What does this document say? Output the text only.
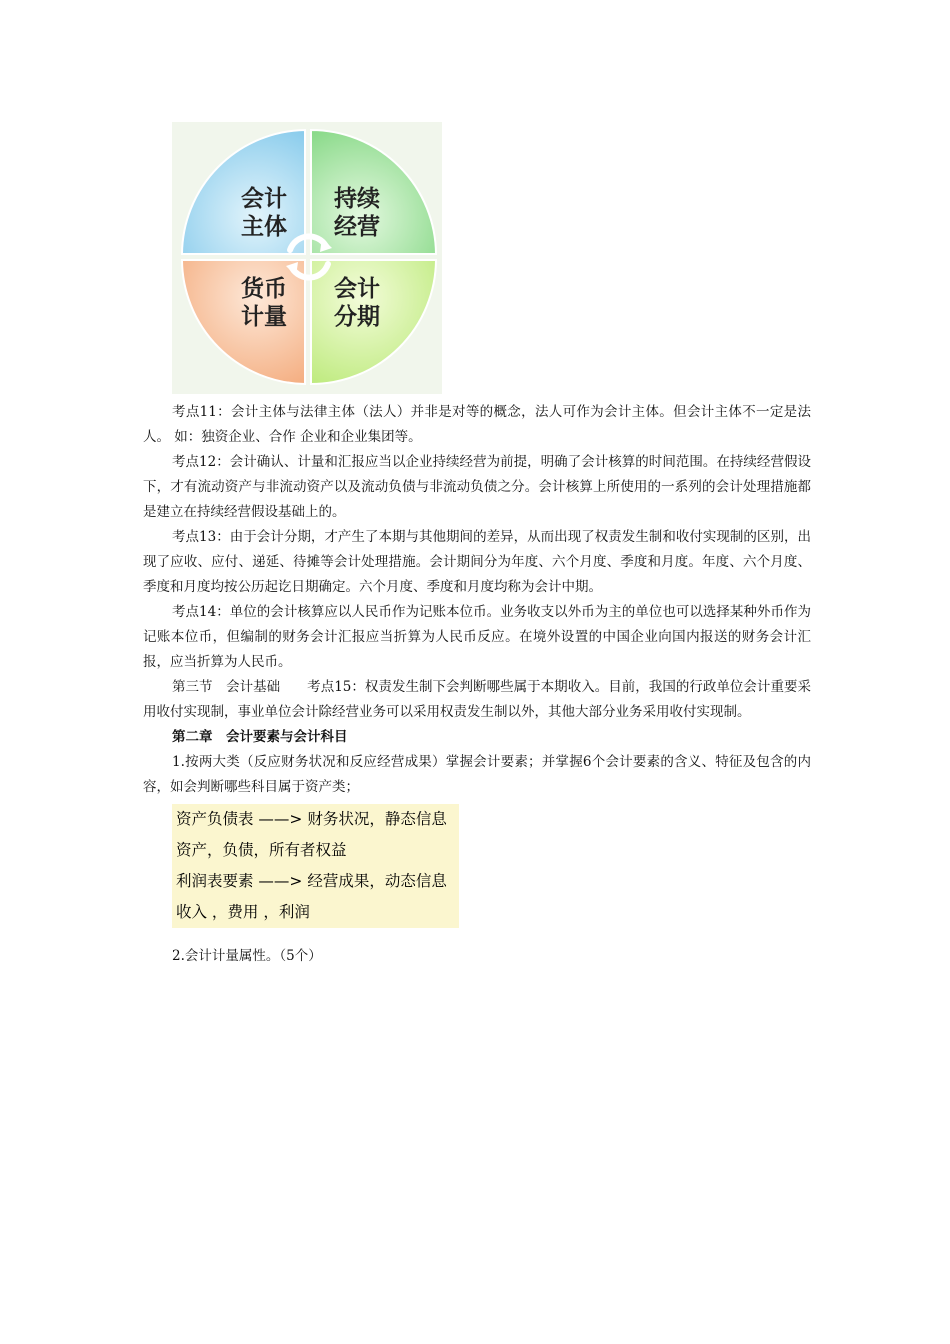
会计
主体
持续
经营
货币
计量
会计
分期

考点11：会计主体与法律主体（法人）并非是对等的概念，法人可作为会计主体。但会计主体不一定是法人。 如：独资企业、合作 企业和企业集团等。

考点12：会计确认、计量和汇报应当以企业持续经营为前提，明确了会计核算的时间范围。在持续经营假设下，才有流动资产与非流动资产以及流动负债与非流动负债之分。会计核算上所使用的一系列的会计处理措施都是建立在持续经营假设基础上的。

考点13：由于会计分期，才产生了本期与其他期间的差异，从而出现了权责发生制和收付实现制的区别，出现了应收、应付、递延、待摊等会计处理措施。会计期间分为年度、六个月度、季度和月度。年度、六个月度、季度和月度均按公历起讫日期确定。六个月度、季度和月度均称为会计中期。

考点14：单位的会计核算应以人民币作为记账本位币。业务收支以外币为主的单位也可以选择某种外币作为记账本位币，但编制的财务会计汇报应当折算为人民币反应。在境外设置的中国企业向国内报送的财务会计汇报，应当折算为人民币。

第三节　会计基础　　考点15：权责发生制下会判断哪些属于本期收入。目前，我国的行政单位会计重要采用收付实现制，事业单位会计除经营业务可以采用权责发生制以外，其他大部分业务采用收付实现制。

第二章　会计要素与会计科目

1.按两大类（反应财务状况和反应经营成果）掌握会计要素；并掌握6个会计要素的含义、特征及包含的内容，如会判断哪些科目属于资产类；

资产负债表 ——> 财务状况，静态信息
资产，负债，所有者权益
利润表要素 ——> 经营成果，动态信息
收入 ，费用 ，利润

2.会计计量属性。（5个）
